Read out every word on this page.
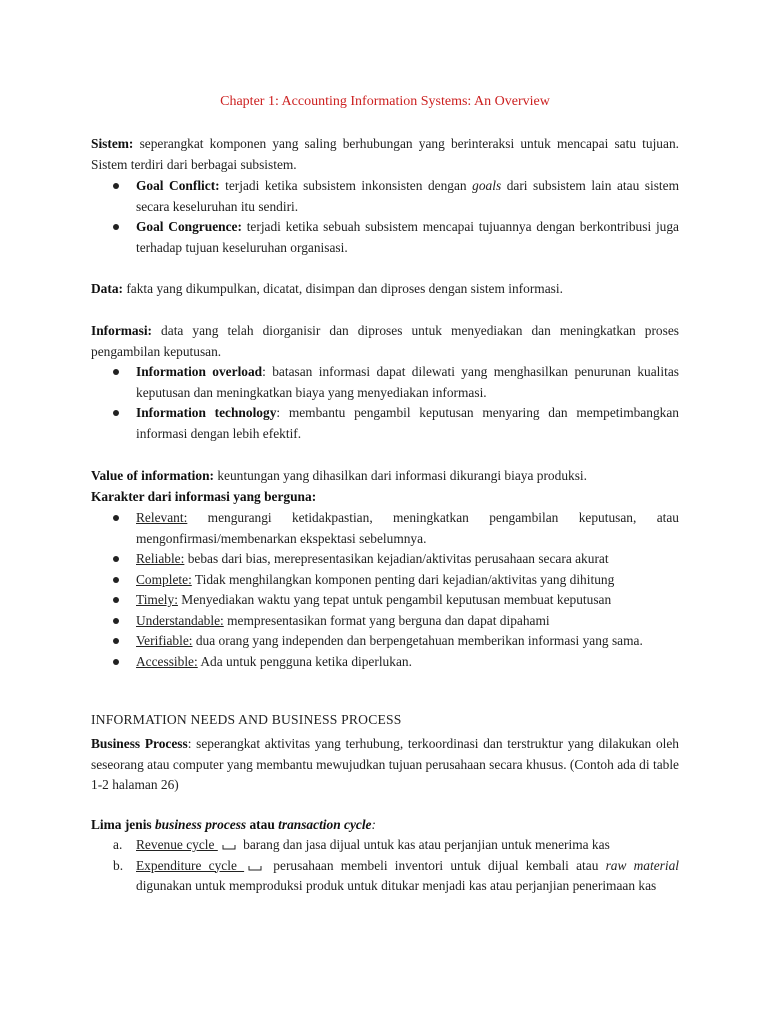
Chapter 1: Accounting Information Systems: An Overview
Sistem: seperangkat komponen yang saling berhubungan yang berinteraksi untuk mencapai satu tujuan. Sistem terdiri dari berbagai subsistem.
Goal Conflict: terjadi ketika subsistem inkonsisten dengan goals dari subsistem lain atau sistem secara keseluruhan itu sendiri.
Goal Congruence: terjadi ketika sebuah subsistem mencapai tujuannya dengan berkontribusi juga terhadap tujuan keseluruhan organisasi.
Data: fakta yang dikumpulkan, dicatat, disimpan dan diproses dengan sistem informasi.
Informasi: data yang telah diorganisir dan diproses untuk menyediakan dan meningkatkan proses pengambilan keputusan.
Information overload: batasan informasi dapat dilewati yang menghasilkan penurunan kualitas keputusan dan meningkatkan biaya yang menyediakan informasi.
Information technology: membantu pengambil keputusan menyaring dan mempetimbangkan informasi dengan lebih efektif.
Value of information: keuntungan yang dihasilkan dari informasi dikurangi biaya produksi.
Karakter dari informasi yang berguna:
Relevant: mengurangi ketidakpastian, meningkatkan pengambilan keputusan, atau mengonfirmasi/membenarkan ekspektasi sebelumnya.
Reliable: bebas dari bias, merepresentasikan kejadian/aktivitas perusahaan secara akurat
Complete: Tidak menghilangkan komponen penting dari kejadian/aktivitas yang dihitung
Timely: Menyediakan waktu yang tepat untuk pengambil keputusan membuat keputusan
Understandable: mempresentasikan format yang berguna dan dapat dipahami
Verifiable: dua orang yang independen dan berpengetahuan memberikan informasi yang sama.
Accessible: Ada untuk pengguna ketika diperlukan.
INFORMATION NEEDS AND BUSINESS PROCESS
Business Process: seperangkat aktivitas yang terhubung, terkoordinasi dan terstruktur yang dilakukan oleh seseorang atau computer yang membantu mewujudkan tujuan perusahaan secara khusus. (Contoh ada di table 1-2 halaman 26)
Lima jenis business process atau transaction cycle:
a. Revenue cycle  barang dan jasa dijual untuk kas atau perjanjian untuk menerima kas
b. Expenditure cycle  perusahaan membeli inventori untuk dijual kembali atau raw material digunakan untuk memproduksi produk untuk ditukar menjadi kas atau perjanjian penerimaan kas
